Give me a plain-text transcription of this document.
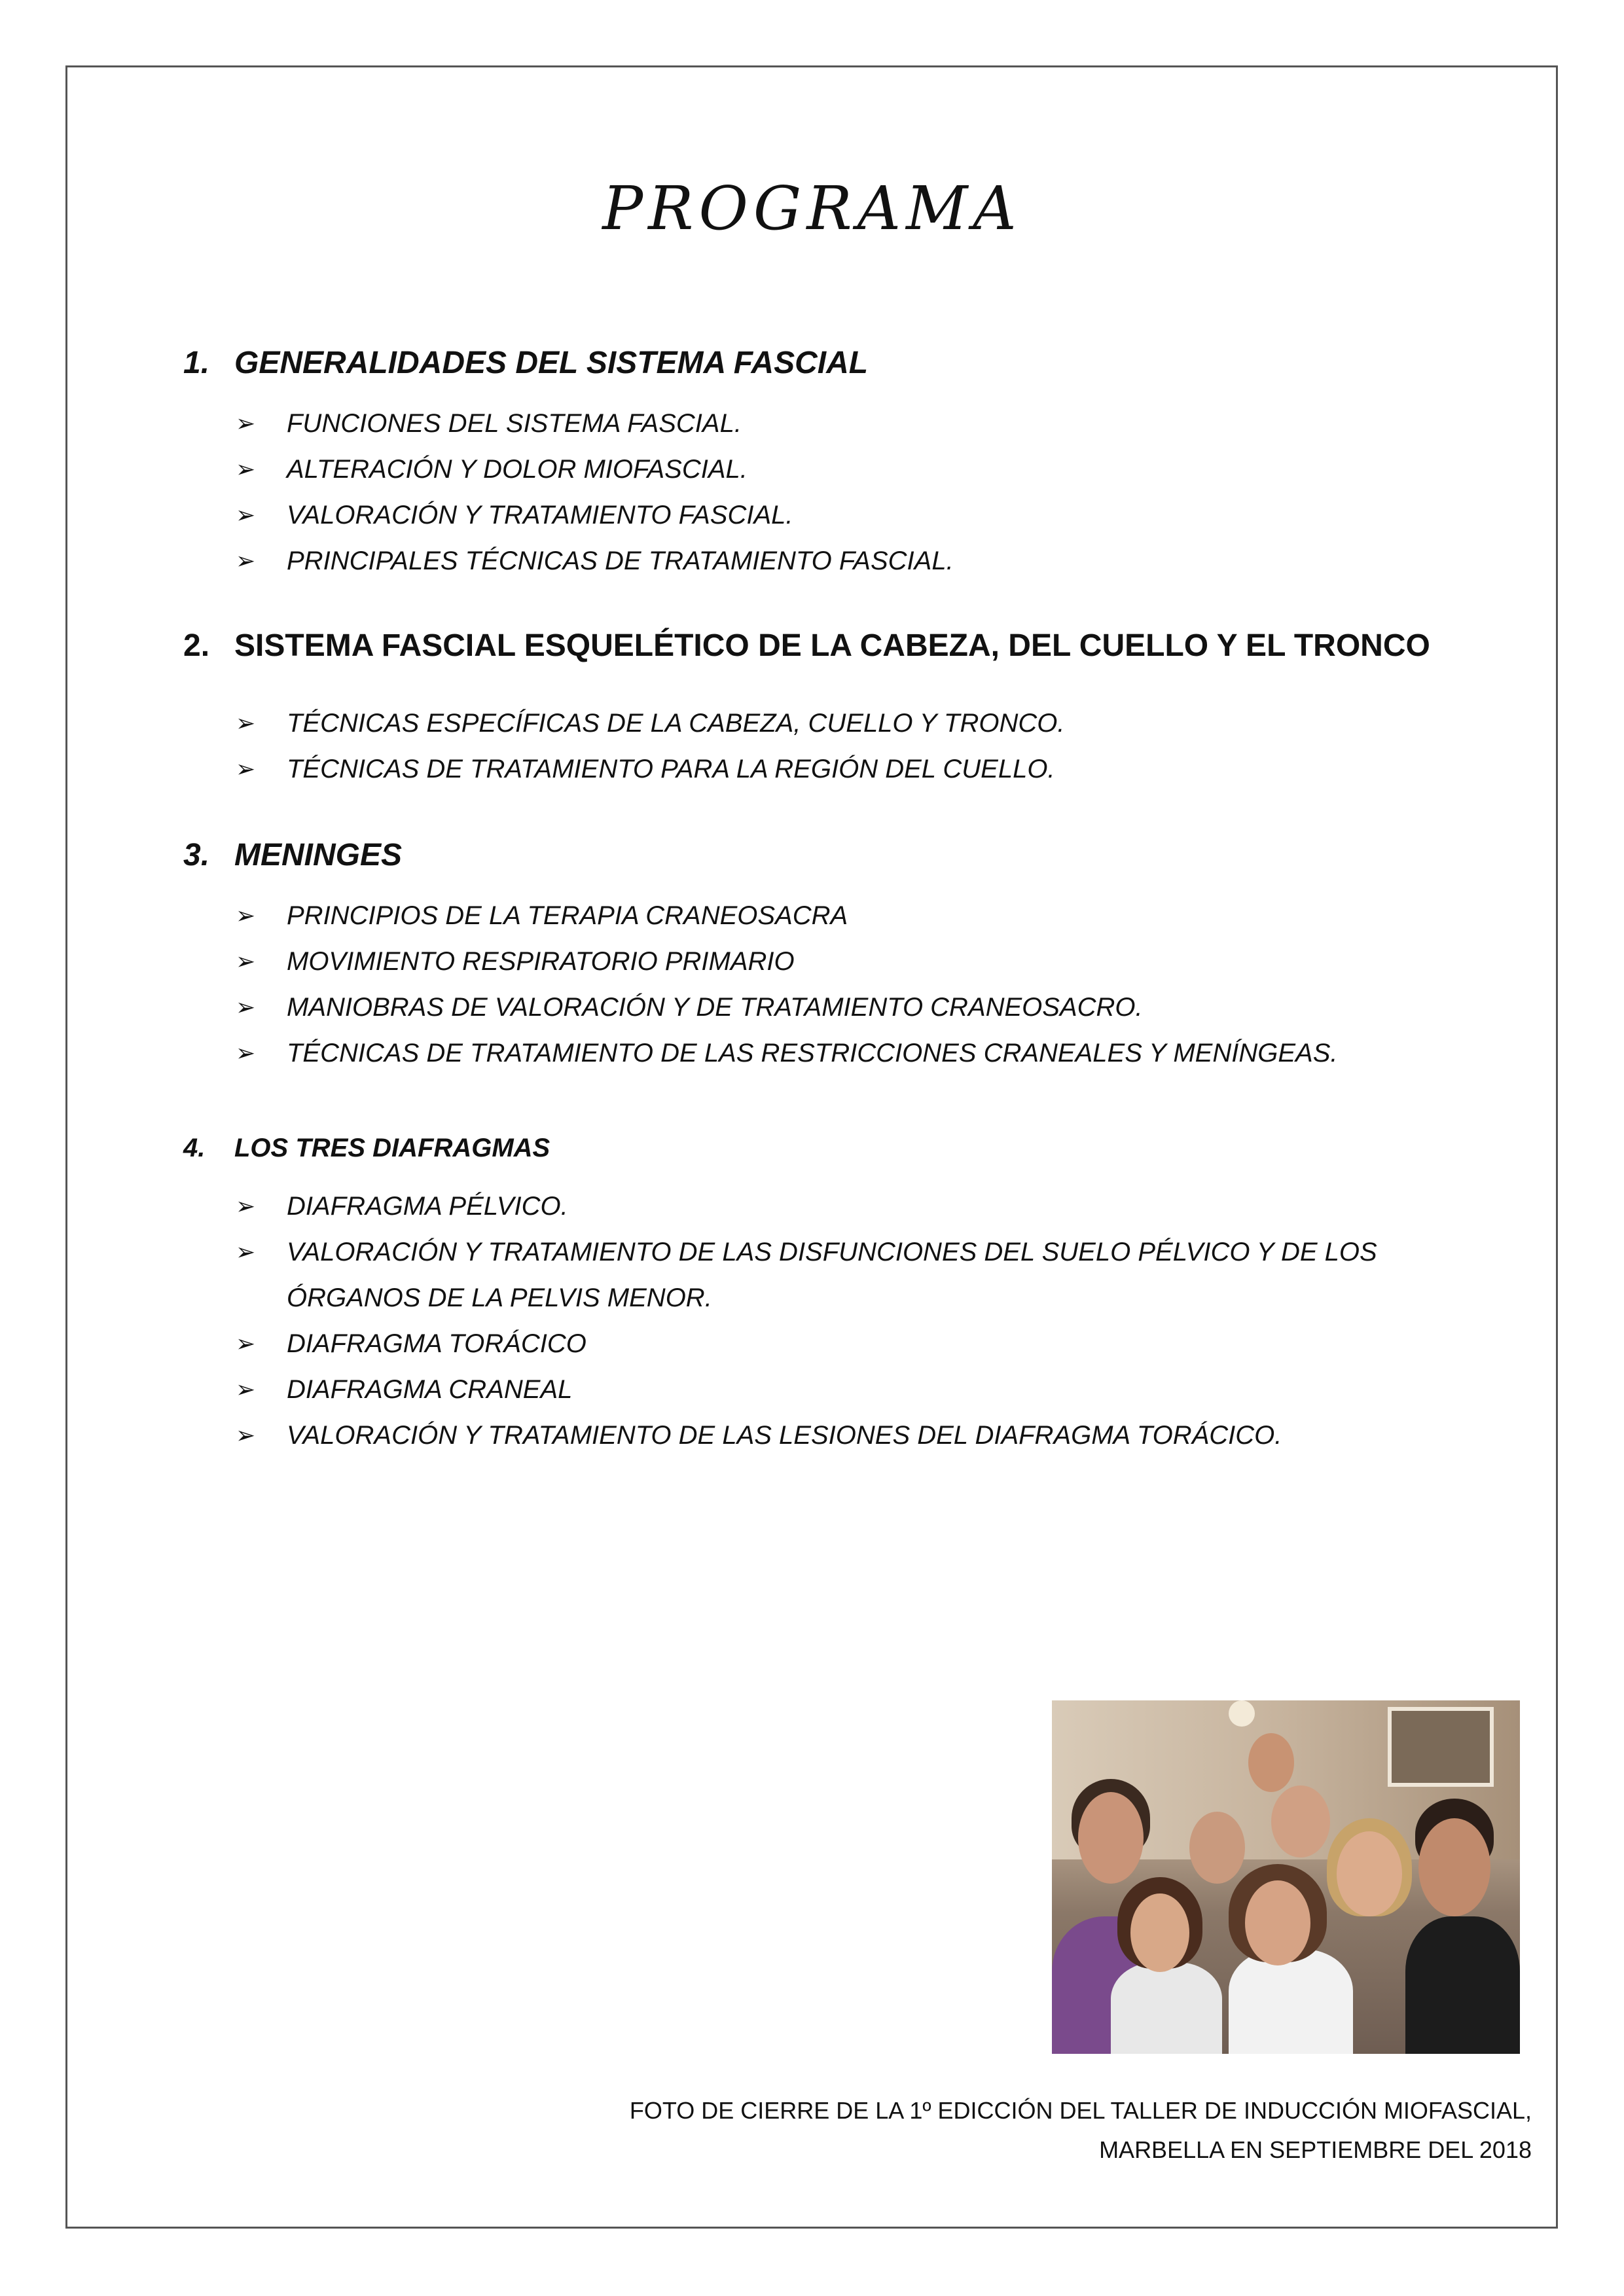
PROGRAMA
1. GENERALIDADES DEL SISTEMA FASCIAL
➢	FUNCIONES DEL SISTEMA FASCIAL.
➢	ALTERACIÓN Y DOLOR MIOFASCIAL.
➢	VALORACIÓN Y TRATAMIENTO FASCIAL.
➢	PRINCIPALES TÉCNICAS DE TRATAMIENTO FASCIAL.
2. SISTEMA FASCIAL ESQUELÉTICO DE LA CABEZA, DEL CUELLO Y EL TRONCO
➢	TÉCNICAS ESPECÍFICAS DE LA CABEZA, CUELLO Y TRONCO.
➢	TÉCNICAS DE TRATAMIENTO PARA LA REGIÓN DEL CUELLO.
3. MENINGES
➢	PRINCIPIOS DE LA TERAPIA CRANEOSACRA
➢	MOVIMIENTO RESPIRATORIO PRIMARIO
➢	MANIOBRAS DE VALORACIÓN Y DE TRATAMIENTO CRANEOSACRO.
➢	TÉCNICAS DE TRATAMIENTO DE LAS RESTRICCIONES CRANEALES Y MENÍNGEAS.
4.	LOS TRES DIAFRAGMAS
➢	DIAFRAGMA PÉLVICO.
➢	VALORACIÓN Y TRATAMIENTO DE LAS DISFUNCIONES DEL SUELO PÉLVICO Y DE LOS ÓRGANOS DE LA PELVIS MENOR.
➢	DIAFRAGMA TORÁCICO
➢	DIAFRAGMA CRANEAL
➢	VALORACIÓN Y TRATAMIENTO DE LAS LESIONES DEL DIAFRAGMA TORÁCICO.
FOTO DE CIERRE DE LA 1º EDICCIÓN DEL TALLER DE INDUCCIÓN MIOFASCIAL,
MARBELLA EN SEPTIEMBRE DEL 2018
